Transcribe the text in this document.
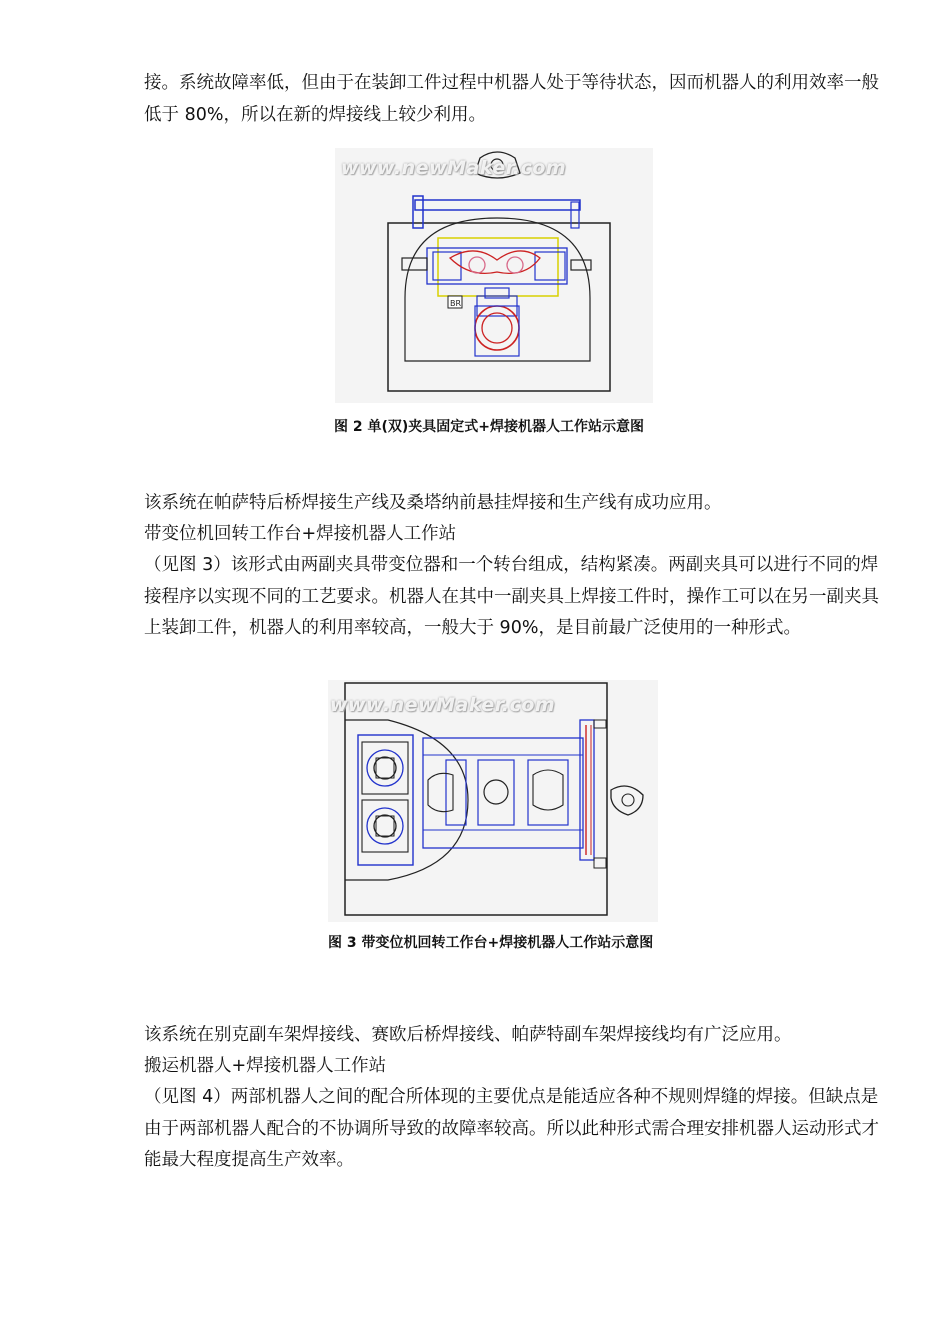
接。系统故障率低，但由于在装卸工件过程中机器人处于等待状态，因而机器人的利用效率一般低于 80%，所以在新的焊接线上较少利用。

BR
www.newMaker.com
图 2 单(双)夹具固定式+焊接机器人工作站示意图

该系统在帕萨特后桥焊接生产线及桑塔纳前悬挂焊接和生产线有成功应用。

带变位机回转工作台+焊接机器人工作站

（见图 3）该形式由两副夹具带变位器和一个转台组成，结构紧凑。两副夹具可以进行不同的焊接程序以实现不同的工艺要求。机器人在其中一副夹具上焊接工件时，操作工可以在另一副夹具上装卸工件，机器人的利用率较高，一般大于 90%，是目前最广泛使用的一种形式。

www.newMaker.com
图 3 带变位机回转工作台+焊接机器人工作站示意图

该系统在别克副车架焊接线、赛欧后桥焊接线、帕萨特副车架焊接线均有广泛应用。

搬运机器人+焊接机器人工作站

（见图 4）两部机器人之间的配合所体现的主要优点是能适应各种不规则焊缝的焊接。但缺点是由于两部机器人配合的不协调所导致的故障率较高。所以此种形式需合理安排机器人运动形式才能最大程度提高生产效率。
